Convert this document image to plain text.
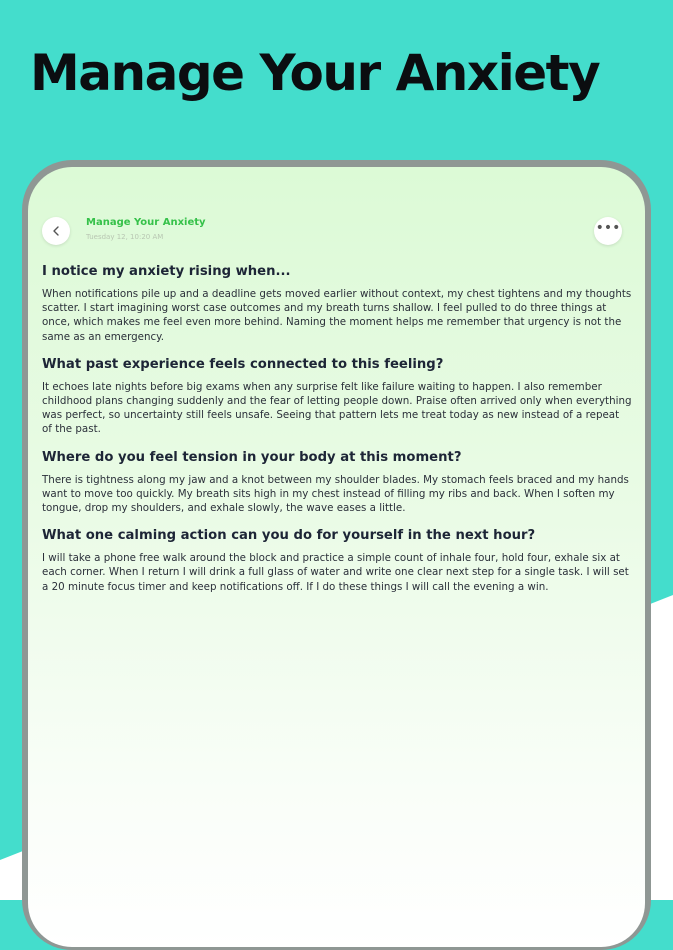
Manage Your Anxiety
Manage Your Anxiety
Tuesday 12, 10:20 AM
•••
I notice my anxiety rising when...

When notifications pile up and a deadline gets moved earlier without context, my chest tightens and my thoughts scatter. I start imagining worst case outcomes and my breath turns shallow. I feel pulled to do three things at once, which makes me feel even more behind. Naming the moment helps me remember that urgency is not the same as an emergency.

What past experience feels connected to this feeling?

It echoes late nights before big exams when any surprise felt like failure waiting to happen. I also remember childhood plans changing suddenly and the fear of letting people down. Praise often arrived only when everything was perfect, so uncertainty still feels unsafe. Seeing that pattern lets me treat today as new instead of a repeat of the past.

Where do you feel tension in your body at this moment?

There is tightness along my jaw and a knot between my shoulder blades. My stomach feels braced and my hands want to move too quickly. My breath sits high in my chest instead of filling my ribs and back. When I soften my tongue, drop my shoulders, and exhale slowly, the wave eases a little.

What one calming action can you do for yourself in the next hour?

I will take a phone free walk around the block and practice a simple count of inhale four, hold four, exhale six at each corner. When I return I will drink a full glass of water and write one clear next step for a single task. I will set a 20 minute focus timer and keep notifications off. If I do these things I will call the evening a win.
